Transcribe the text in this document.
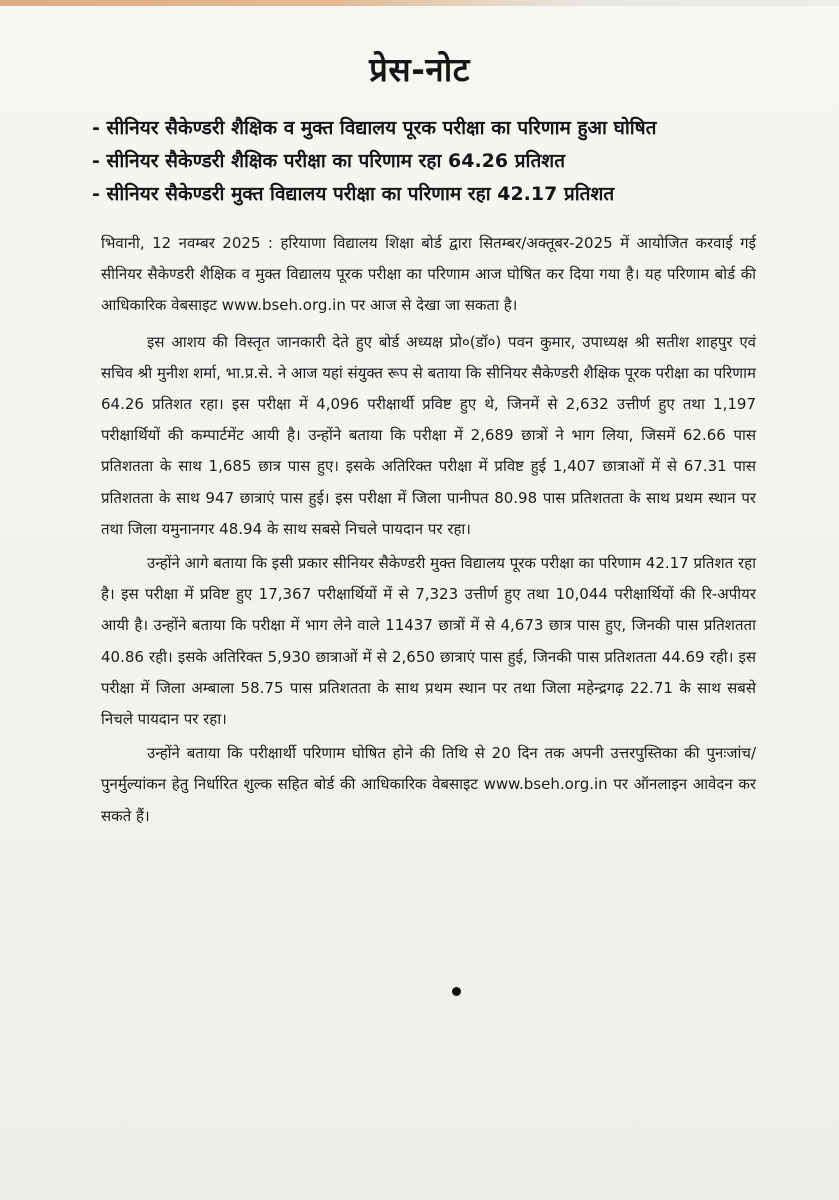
प्रेस-नोट
- सीनियर सैकेण्डरी शैक्षिक व मुक्त विद्यालय पूरक परीक्षा का परिणाम हुआ घोषित
- सीनियर सैकेण्डरी शैक्षिक परीक्षा का परिणाम रहा 64.26 प्रतिशत
- सीनियर सैकेण्डरी मुक्त विद्यालय परीक्षा का परिणाम रहा 42.17 प्रतिशत

भिवानी, 12 नवम्बर 2025 : हरियाणा विद्यालय शिक्षा बोर्ड द्वारा सितम्बर/अक्तूबर-2025 में आयोजित करवाई गई सीनियर सैकेण्डरी शैक्षिक व मुक्त विद्यालय पूरक परीक्षा का परिणाम आज घोषित कर दिया गया है। यह परिणाम बोर्ड की आधिकारिक वेबसाइट www.bseh.org.in पर आज से देखा जा सकता है।

इस आशय की विस्तृत जानकारी देते हुए बोर्ड अध्यक्ष प्रो०(डॉ०) पवन कुमार, उपाध्यक्ष श्री सतीश शाहपुर एवं सचिव श्री मुनीश शर्मा, भा.प्र.से. ने आज यहां संयुक्त रूप से बताया कि सीनियर सैकेण्डरी शैक्षिक पूरक परीक्षा का परिणाम 64.26 प्रतिशत रहा। इस परीक्षा में 4,096 परीक्षार्थी प्रविष्ट हुए थे, जिनमें से 2,632 उत्तीर्ण हुए तथा 1,197 परीक्षार्थियों की कम्पार्टमेंट आयी है। उन्होंने बताया कि परीक्षा में 2,689 छात्रों ने भाग लिया, जिसमें 62.66 पास प्रतिशतता के साथ 1,685 छात्र पास हुए। इसके अतिरिक्त परीक्षा में प्रविष्ट हुई 1,407 छात्राओं में से 67.31 पास प्रतिशतता के साथ 947 छात्राएं पास हुई। इस परीक्षा में जिला पानीपत 80.98 पास प्रतिशतता के साथ प्रथम स्थान पर तथा जिला यमुनानगर 48.94 के साथ सबसे निचले पायदान पर रहा।

उन्होंने आगे बताया कि इसी प्रकार सीनियर सैकेण्डरी मुक्त विद्यालय पूरक परीक्षा का परिणाम 42.17 प्रतिशत रहा है। इस परीक्षा में प्रविष्ट हुए 17,367 परीक्षार्थियों में से 7,323 उत्तीर्ण हुए तथा 10,044 परीक्षार्थियों की रि-अपीयर आयी है। उन्होंने बताया कि परीक्षा में भाग लेने वाले 11437 छात्रों में से 4,673 छात्र पास हुए, जिनकी पास प्रतिशतता 40.86 रही। इसके अतिरिक्त 5,930 छात्राओं में से 2,650 छात्राएं पास हुई, जिनकी पास प्रतिशतता 44.69 रही। इस परीक्षा में जिला अम्बाला 58.75 पास प्रतिशतता के साथ प्रथम स्थान पर तथा जिला महेन्द्रगढ़ 22.71 के साथ सबसे निचले पायदान पर रहा।

उन्होंने बताया कि परीक्षार्थी परिणाम घोषित होने की तिथि से 20 दिन तक अपनी उत्तरपुस्तिका की पुनःजांच/पुनर्मुल्यांकन हेतु निर्धारित शुल्क सहित बोर्ड की आधिकारिक वेबसाइट www.bseh.org.in पर ऑनलाइन आवेदन कर सकते हैं।
